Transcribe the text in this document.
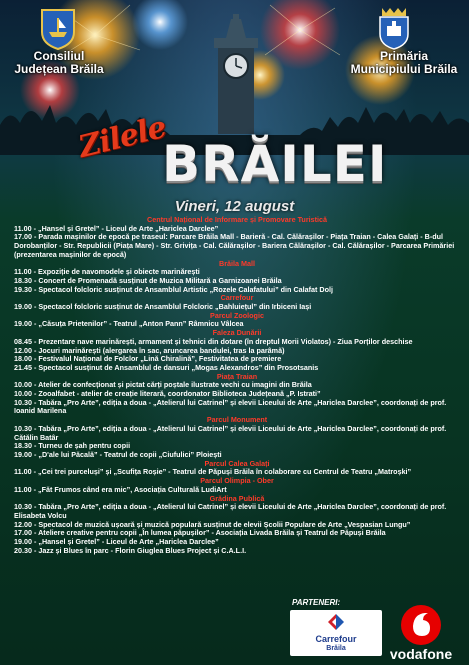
Consiliul
Județean Brăila
Primăria
Municipiului Brăila
Zilele
BRĂILEI
Vineri, 12 august
Centrul Național de Informare și Promovare Turistică
11.00 - „Hansel și Gretel” - Liceul de Arte „Hariclea Darclee”
17.00 - Parada mașinilor de epocă pe traseul: Parcare Brăila Mall - Barieră - Cal. Călărașilor - Piața Traian - Calea Galați - B-dul Dorobanților - Str. Republicii (Piața Mare) - Str. Grivița - Cal. Călărașilor - Bariera Călărașilor - Cal. Călărașilor - Parcarea Primăriei (prezentarea mașinilor de epocă)
Brăila Mall
11.00 - Expoziție de navomodele și obiecte marinărești
18.30 - Concert de Promenadă susținut de Muzica Militară a Garnizoanei Brăila
19.30 - Spectacol folcloric susținut de Ansamblul Artistic „Rozele Calafatului” din Calafat Dolj
Carrefour
19.00 - Spectacol folcloric susținut de Ansamblul Folcloric „Bahluiețul” din Irbiceni Iași
Parcul Zoologic
19.00 - „Căsuța Prietenilor” - Teatrul „Anton Pann” Râmnicu Vâlcea
Faleza Dunării
08.45 - Prezentare nave marinărești, armament și tehnici din dotare (în dreptul Morii Violatos) - Ziua Porților deschise
12.00 - Jocuri marinărești (alergarea în sac, aruncarea bandulei, tras la parâmă)
18.00 - Festivalul Național de Folclor „Lină Chiralină”, Festivitatea de premiere
21.45 - Spectacol susținut de Ansamblul de dansuri „Mogas Alexandros” din Prosotsanis
Piața Traian
10.00 - Atelier de confecționat și pictat cărți poștale ilustrate vechi cu imagini din Brăila
10.00 - Zooalfabet - atelier de creație literară, coordonator Biblioteca Județeană „P. Istrati”
10.30 - Tabăra „Pro Arte”, ediția a doua - „Atelierul lui Catrinel” și elevii Liceului de Arte „Hariclea Darclee”, coordonați de prof. Ioanid Marilena
Parcul Monument
10.30 - Tabăra „Pro Arte”, ediția a doua - „Atelierul lui Catrinel” și elevii Liceului de Arte „Hariclea Darclee”, coordonați de prof. Cătălin Batâr
18.30 - Turneu de șah pentru copii
19.00 - „D'ale lui Păcală” - Teatrul de copii „Ciufulici” Ploiești
Parcul Calea Galați
11.00 - „Cei trei purceluși” și „Scufița Roșie” - Teatrul de Păpuși Brăila în colaborare cu Centrul de Teatru „Matroșki”
Parcul Olimpia - Ober
11.00 - „Făt Frumos când era mic”, Asociația Culturală LudiArt
Grădina Publică
10.30 - Tabăra „Pro Arte”, ediția a doua - „Atelierul lui Catrinel” și elevii Liceului de Arte „Hariclea Darclee”, coordonați de prof. Elisabeta Volcu
12.00 - Spectacol de muzică ușoară și muzică populară susținut de elevii Școlii Populare de Arte „Vespasian Lungu”
17.00 - Ateliere creative pentru copii „În lumea păpușilor” - Asociația Livada Brăila și Teatrul de Păpuși Brăila
19.00 - „Hansel și Gretel” - Liceul de Arte „Hariclea Darclee”
20.30 - Jazz și Blues în parc - Florin Giuglea Blues Project și C.A.L.I.
Carrefour
Brăila
PARTENERI:
vodafone
